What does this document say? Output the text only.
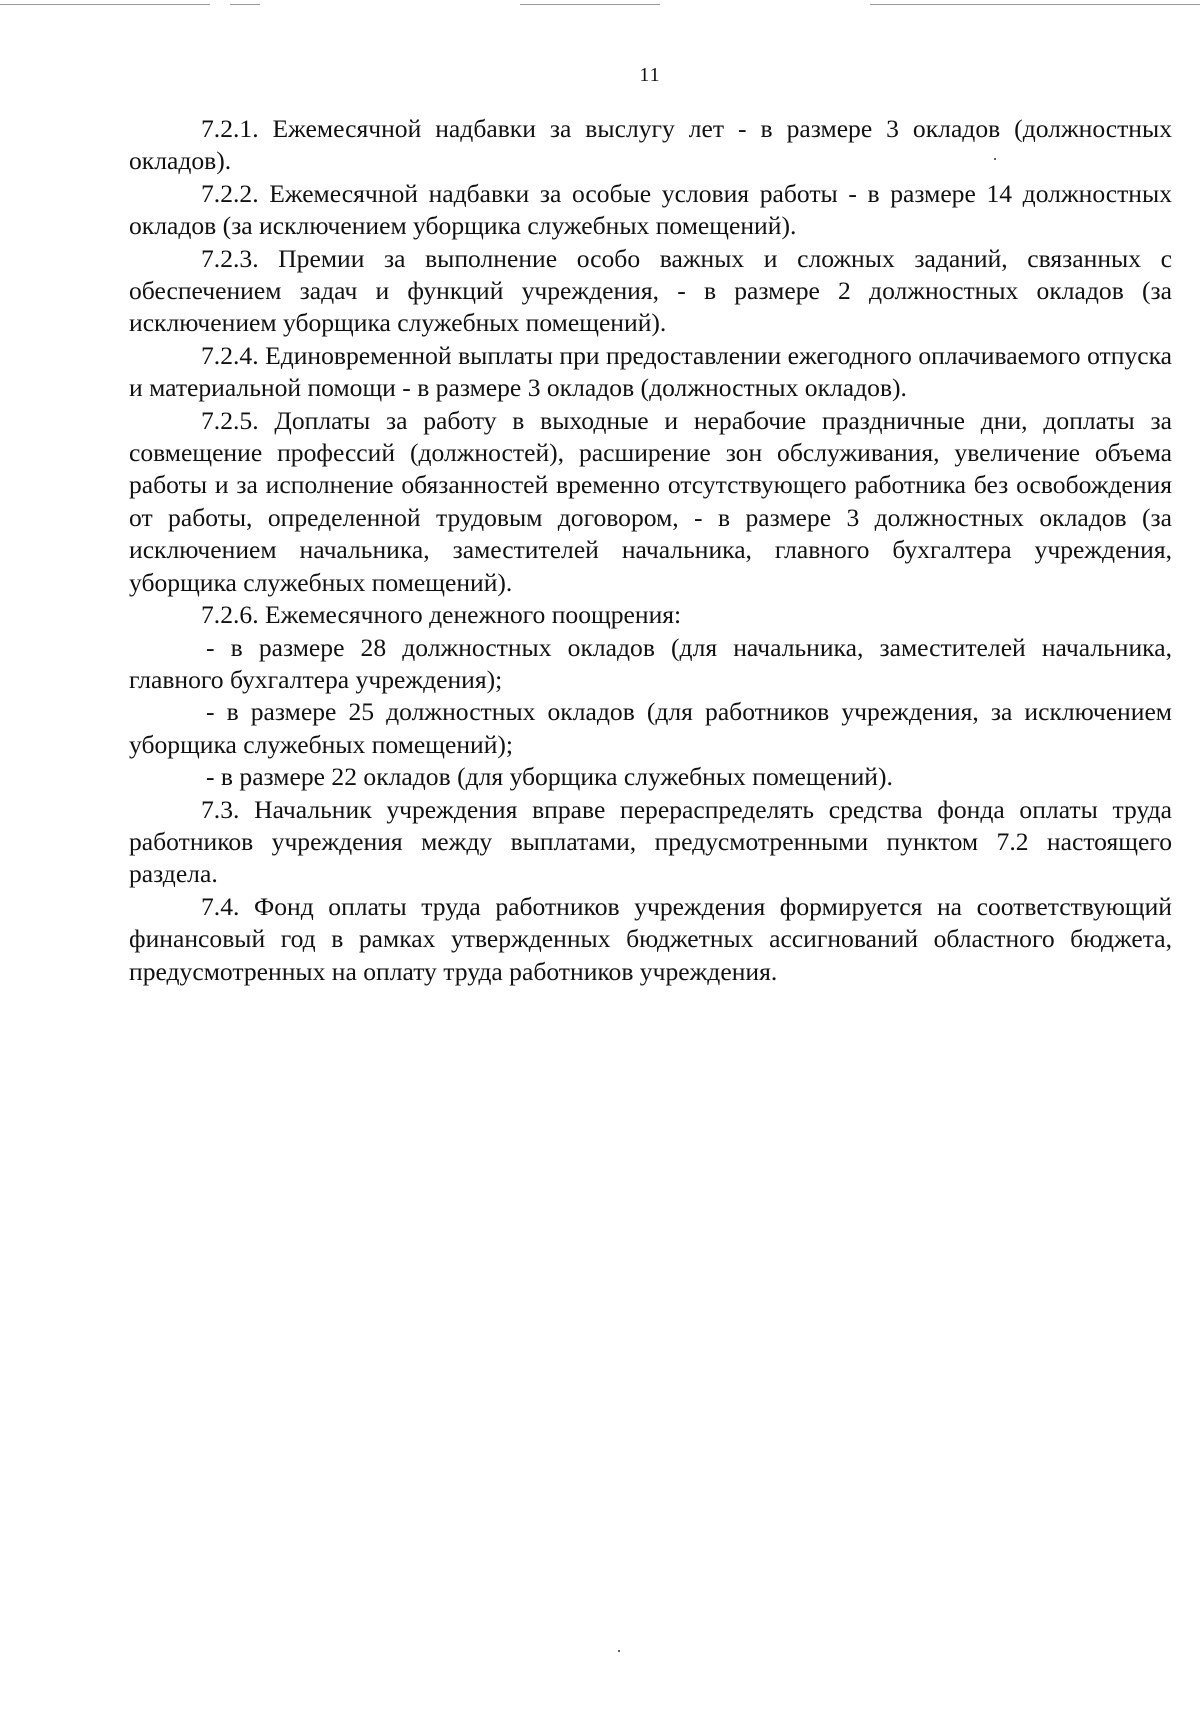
11

7.2.1. Ежемесячной надбавки за выслугу лет - в размере 3 окладов (должностных окладов).

7.2.2. Ежемесячной надбавки за особые условия работы - в размере 14 должностных окладов (за исключением уборщика служебных помещений).

7.2.3. Премии за выполнение особо важных и сложных заданий, связанных с обеспечением задач и функций учреждения, - в размере 2 должностных окладов (за исключением уборщика служебных помещений).

7.2.4. Единовременной выплаты при предоставлении ежегодного оплачиваемого отпуска и материальной помощи - в размере 3 окладов (должностных окладов).

7.2.5. Доплаты за работу в выходные и нерабочие праздничные дни, доплаты за совмещение профессий (должностей), расширение зон обслуживания, увеличение объема работы и за исполнение обязанностей временно отсутствующего работника без освобождения от работы, определенной трудовым договором, - в размере 3 должностных окладов (за исключением начальника, заместителей начальника, главного бухгалтера учреждения, уборщика служебных помещений).

7.2.6. Ежемесячного денежного поощрения:

- в размере 28 должностных окладов (для начальника, заместителей начальника, главного бухгалтера учреждения);

- в размере 25 должностных окладов (для работников учреждения, за исключением уборщика служебных помещений);

- в размере 22 окладов (для уборщика служебных помещений).

7.3. Начальник учреждения вправе перераспределять средства фонда оплаты труда работников учреждения между выплатами, предусмотренными пунктом 7.2 настоящего раздела.

7.4. Фонд оплаты труда работников учреждения формируется на соответствующий финансовый год в рамках утвержденных бюджетных ассигнований областного бюджета, предусмотренных на оплату труда работников учреждения.
